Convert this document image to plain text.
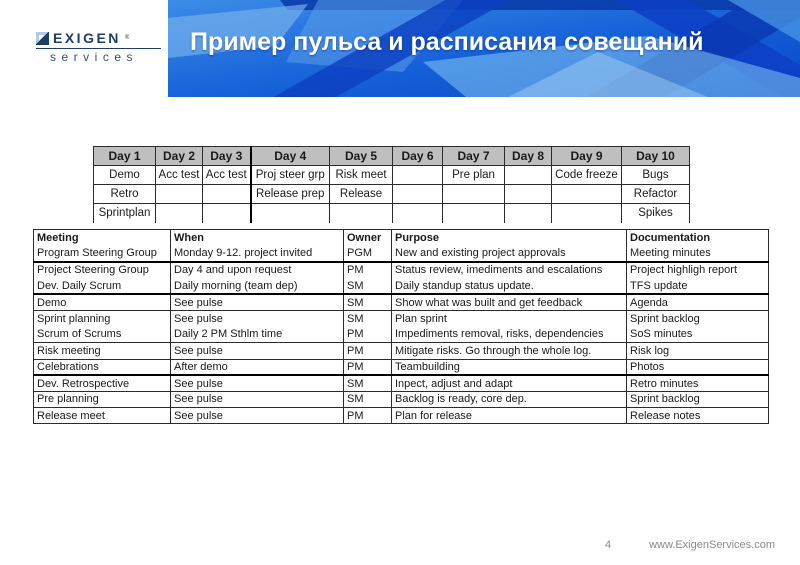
EXIGEN ®
services
Пример пульса и расписания совещаний
Day 1	Day 2	Day 3	Day 4	Day 5	Day 6	Day 7	Day 8	Day 9	Day 10
Demo	Acc test	Acc test	Proj steer grp	Risk meet		Pre plan		Code freeze	Bugs
Retro			Release prep	Release					Refactor
Sprintplan									Spikes
Meeting	When	Owner	Purpose	Documentation
Program Steering Group	Monday 9-12. project invited	PGM	New and existing project approvals	Meeting minutes
Project Steering Group	Day 4 and upon request	PM	Status review, imediments and escalations	Project highligh report
Dev. Daily Scrum	Daily morning (team dep)	SM	Daily standup status update.	TFS update
Demo	See pulse	SM	Show what was built and get feedback	Agenda
Sprint planning	See pulse	SM	Plan sprint	Sprint backlog
Scrum of Scrums	Daily 2 PM Sthlm time	PM	Impediments removal, risks, dependencies	SoS minutes
Risk meeting	See pulse	PM	Mitigate risks. Go through the whole log.	Risk log
Celebrations	After demo	PM	Teambuilding	Photos
Dev. Retrospective	See pulse	SM	Inpect, adjust and adapt	Retro minutes
Pre planning	See pulse	SM	Backlog is ready, core dep.	Sprint backlog
Release meet	See pulse	PM	Plan for release	Release notes
4	www.ExigenServices.com
